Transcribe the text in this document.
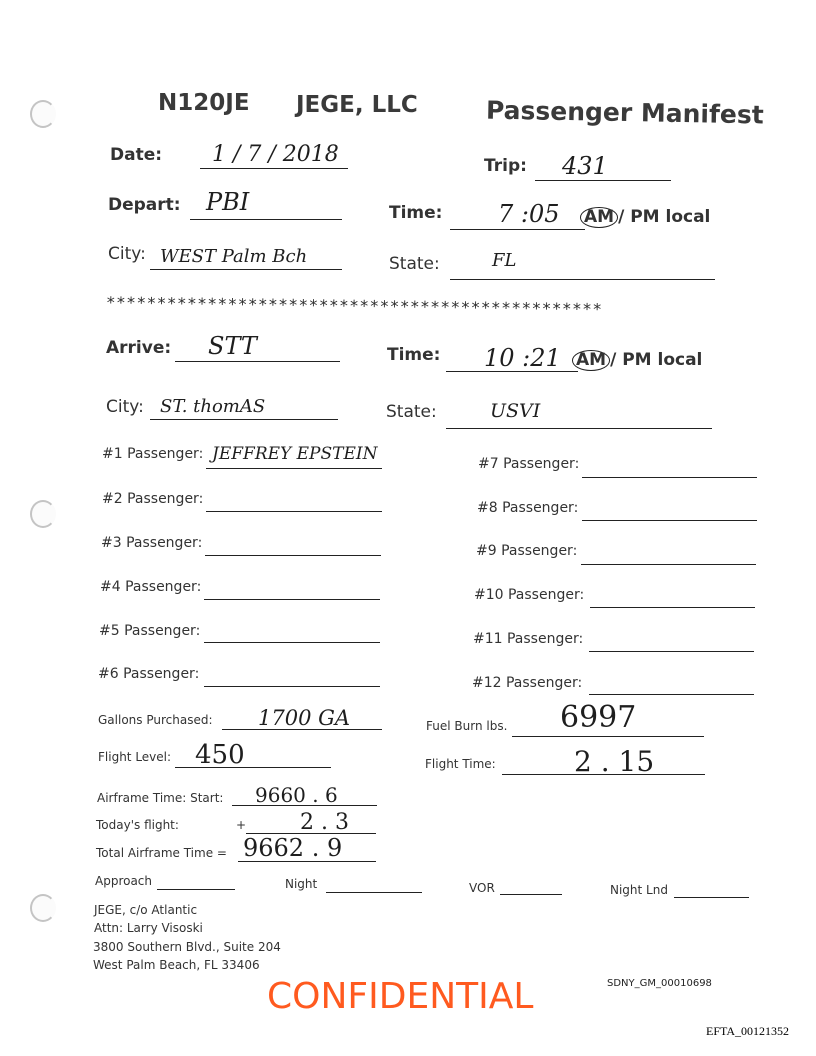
N120JE JEGE, LLC	Passenger Manifest
Date: 1 / 7 / 2018	Trip: 431
Depart: PBI	Time: 7 :05 AM / PM local
City: WEST Palm Bch	State:	FL
*************************************************
Arrive: STT	Time: 10 :21 AM / PM local
City: ST. thomAS	State:	USVI
#1 Passenger: JEFFREY EPSTEIN
#2 Passenger:
#3 Passenger:
#4 Passenger:
#5 Passenger:
#6 Passenger:
#7 Passenger:
#8 Passenger:
#9 Passenger:
#10 Passenger:
#11 Passenger:
#12 Passenger:
Gallons Purchased: 1700 GA	Fuel Burn lbs. 6997
Flight Level: 450	Flight Time:	2 . 15
Airframe Time: Start: 9660 . 6
Today's flight:	+ 2 . 3
Total Airframe Time = 9662 . 9
Approach	Night	VOR	Night Lnd
JEGE, c/o Atlantic
Attn: Larry Visoski
3800 Southern Blvd., Suite 204
West Palm Beach, FL 33406
CONFIDENTIAL	SDNY_GM_00010698
EFTA_00121352
